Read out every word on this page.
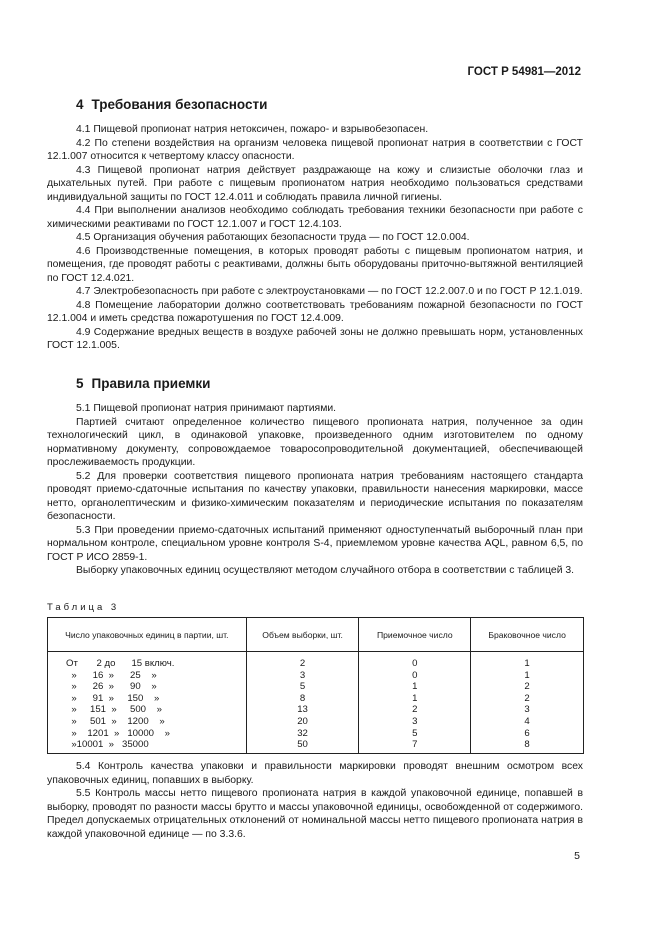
ГОСТ Р 54981—2012
4 Требования безопасности

4.1 Пищевой пропионат натрия нетоксичен, пожаро- и взрывобезопасен.

4.2 По степени воздействия на организм человека пищевой пропионат натрия в соответствии с ГОСТ 12.1.007 относится к четвертому классу опасности.

4.3 Пищевой пропионат натрия действует раздражающе на кожу и слизистые оболочки глаз и дыхательных путей. При работе с пищевым пропионатом натрия необходимо пользоваться средствами индивидуальной защиты по ГОСТ 12.4.011 и соблюдать правила личной гигиены.

4.4 При выполнении анализов необходимо соблюдать требования техники безопасности при работе с химическими реактивами по ГОСТ 12.1.007 и ГОСТ 12.4.103.

4.5 Организация обучения работающих безопасности труда — по ГОСТ 12.0.004.

4.6 Производственные помещения, в которых проводят работы с пищевым пропионатом натрия, и помещения, где проводят работы с реактивами, должны быть оборудованы приточно-вытяжной вентиляцией по ГОСТ 12.4.021.

4.7 Электробезопасность при работе с электроустановками — по ГОСТ 12.2.007.0 и по ГОСТ Р 12.1.019.

4.8 Помещение лаборатории должно соответствовать требованиям пожарной безопасности по ГОСТ 12.1.004 и иметь средства пожаротушения по ГОСТ 12.4.009.

4.9 Содержание вредных веществ в воздухе рабочей зоны не должно превышать норм, установленных ГОСТ 12.1.005.

5 Правила приемки

5.1 Пищевой пропионат натрия принимают партиями.

Партией считают определенное количество пищевого пропионата натрия, полученное за один технологический цикл, в одинаковой упаковке, произведенного одним изготовителем по одному нормативному документу, сопровождаемое товаросопроводительной документацией, обеспечивающей прослеживаемость продукции.

5.2 Для проверки соответствия пищевого пропионата натрия требованиям настоящего стандарта проводят приемо-сдаточные испытания по качеству упаковки, правильности нанесения маркировки, массе нетто, органолептическим и физико-химическим показателям и периодические испытания по показателям безопасности.

5.3 При проведении приемо-сдаточных испытаний применяют одноступенчатый выборочный план при нормальном контроле, специальном уровне контроля S-4, приемлемом уровне качества AQL, равном 6,5, по ГОСТ Р ИСО 2859-1.

Выборку упаковочных единиц осуществляют методом случайного отбора в соответствии с таблицей 3.

Таблица 3
Число упаковочных единиц в партии, шт.	Объем выборки, шт.	Приемочное число	Браковочное число
От       2 до      15 включ.	2	0	1
»      16  »      25    »	3	0	1
»      26  »      90    »	5	1	2
»      91  »     150    »	8	1	2
»     151  »     500    »	13	2	3
»     501  »    1200    »	20	3	4
»    1201  »   10000    »	32	5	6
»10001  »   35000	50	7	8

5.4 Контроль качества упаковки и правильности маркировки проводят внешним осмотром всех упаковочных единиц, попавших в выборку.

5.5 Контроль массы нетто пищевого пропионата натрия в каждой упаковочной единице, попавшей в выборку, проводят по разности массы брутто и массы упаковочной единицы, освобожденной от содержимого. Предел допускаемых отрицательных отклонений от номинальной массы нетто пищевого пропионата натрия в каждой упаковочной единице — по 3.3.6.

5
